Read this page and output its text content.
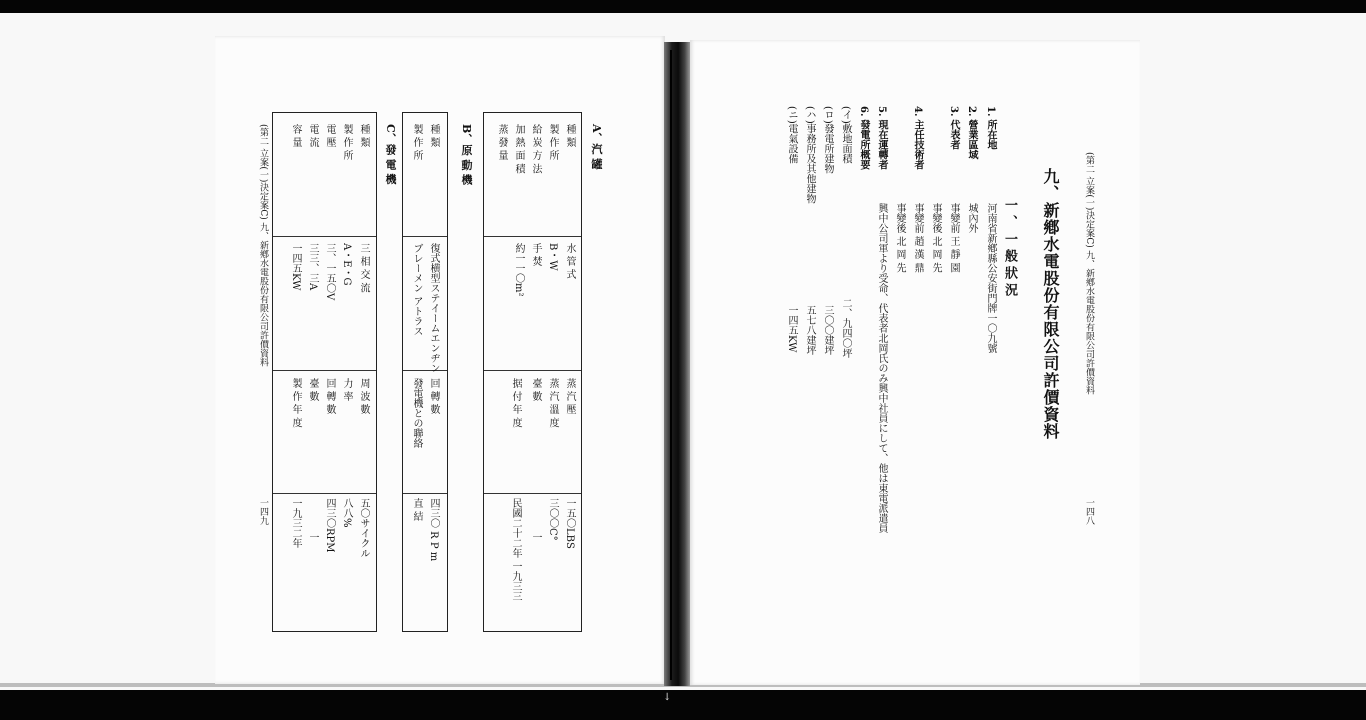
↓
(第二 立案(一)決定案C) 九、新鄕水電股份有限公司許價資料
一四八
九、新鄕水電股份有限公司許價資料
一、一般狀況
1. 所在地
河南省新鄕縣公安街門牌一〇九號
2. 營業區域
城內外
3. 代表者
事變前 王 靜 園
事變後 北 岡 先
4. 主任技術者
事變前 趙 漢 鼎
事變後 北 岡 先
5. 現在運轉者
興中公司軍より受命、代表者北岡氏のみ興中社員にして、他は東電派遣員
6. 發電所概要
(イ)敷地面積
二、九四〇坪
(ロ)發電所建物
三〇〇建坪
(ハ)事務所及其他建物
五七八建坪
(ニ)電氣設備
一四五KW
A、汽 罐
種 類
水 管 式
製 作 所
B・W
給 炭 方 法
手 焚
加 熱 面 積
約一一〇m²
蒸 發 量
蒸 汽 壓
一五〇LBS
蒸 汽 溫 度
三〇〇C°
臺 數
一
据 付 年 度
民國二十二年 一九三三
B、原 動 機
種 類
復式横型ステイームエンヂン
製 作 所
ブレーメン アトラス
回 轉 數
四三〇 R P m
發電機との聯絡
直 結
C、發 電 機
種 類
三 相 交 流
製 作 所
A・E・G
電 壓
三、一五〇V
電 流
三三、三A
容 量
一四五KW
周 波 數
五〇サイクル
力 率
八八%
回 轉 數
四三〇RPM
臺 數
一
製 作 年 度
一九三二年
(第二 立案(一)決定案C) 九、新鄕水電股份有限公司許價資料
一四九
